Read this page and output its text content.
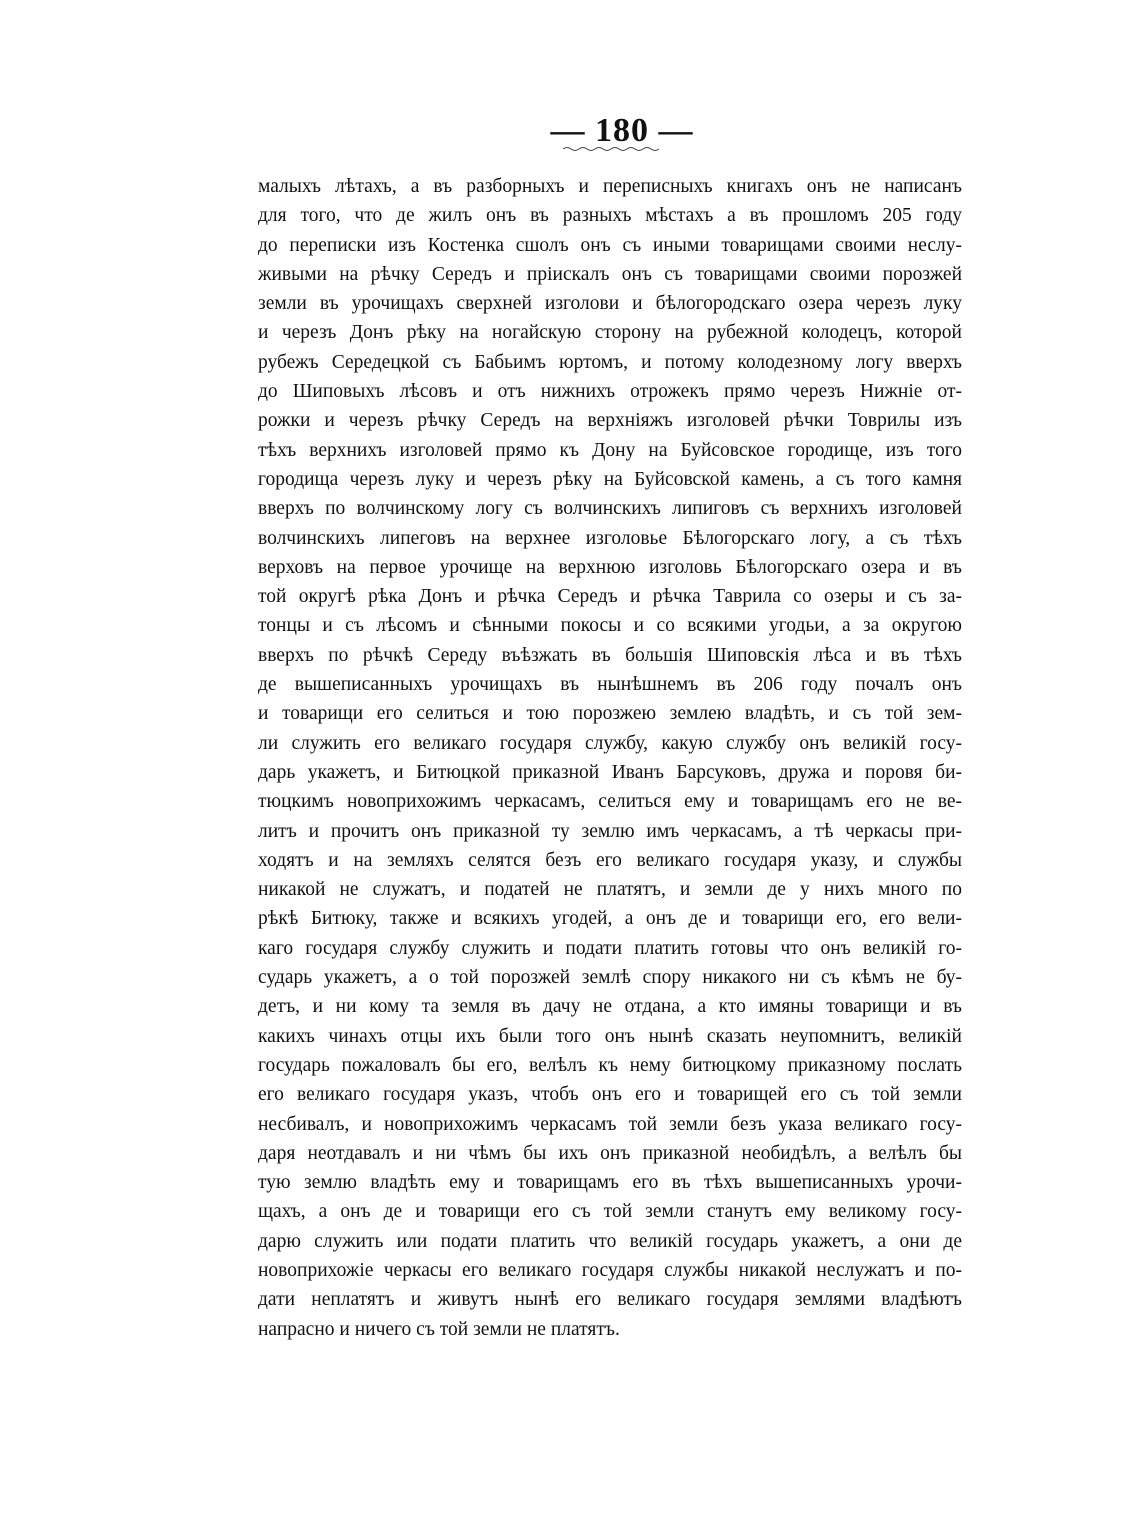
— 180 —
малыхъ лѣтахъ, а въ разборныхъ и переписныхъ книгахъ онъ не написанъ
для того, что де жилъ онъ въ разныхъ мѣстахъ а въ прошломъ 205 году
до переписки изъ Костенка сшолъ онъ съ иными товарищами своими неслу-
живыми на рѣчку Середъ и прiискалъ онъ съ товарищами своими порозжей
земли въ урочищахъ сверхней изголови и бѣлогородскаго озера черезъ луку
и черезъ Донъ рѣку на ногайскую сторону на рубежной колодецъ, которой
рубежъ Середецкой съ Бабьимъ юртомъ, и потому колодезному логу вверхъ
до Шиповыхъ лѣсовъ и отъ нижнихъ отрожекъ прямо черезъ Нижнiе от-
рожки и черезъ рѣчку Середъ на верхнiяжъ изголовей рѣчки Товрилы изъ
тѣхъ верхнихъ изголовей прямо къ Дону на Буйсовское городище, изъ того
городища черезъ луку и черезъ рѣку на Буйсовской камень, а съ того камня
вверхъ по волчинскому логу съ волчинскихъ липиговъ съ верхнихъ изголовей
волчинскихъ липеговъ на верхнее изголовье Бѣлогорскаго логу, а съ тѣхъ
верховъ на первое урочище на верхнюю изголовь Бѣлогорскаго озера и въ
той округѣ рѣка Донъ и рѣчка Середъ и рѣчка Таврила со озеры и съ за-
тонцы и съ лѣсомъ и сѣнными покосы и со всякими угодьи, а за округою
вверхъ по рѣчкѣ Середу въѣзжать въ большiя Шиповскiя лѣса и въ тѣхъ
де вышеписанныхъ урочищахъ въ нынѣшнемъ въ 206 году почалъ онъ
и товарищи его селиться и тою порозжею землею владѣть, и съ той зем-
ли служить его великаго государя службу, какую службу онъ великiй госу-
дарь укажетъ, и Битюцкой приказной Иванъ Барсуковъ, дружа и поровя би-
тюцкимъ новоприхожимъ черкасамъ, селиться ему и товарищамъ его не ве-
литъ и прочитъ онъ приказной ту землю имъ черкасамъ, а тѣ черкасы при-
ходятъ и на земляхъ селятся безъ его великаго государя указу, и службы
никакой не служатъ, и податей не платятъ, и земли де у нихъ много по
рѣкѣ Битюку, также и всякихъ угодей, а онъ де и товарищи его, его вели-
каго государя службу служить и подати платить готовы что онъ великiй го-
сударь укажетъ, а о той порозжей землѣ спору никакого ни съ кѣмъ не бу-
детъ, и ни кому та земля въ дачу не отдана, а кто имяны товарищи и въ
какихъ чинахъ отцы ихъ были того онъ нынѣ сказать неупомнитъ, великiй
государь пожаловалъ бы его, велѣлъ къ нему битюцкому приказному послать
его великаго государя указъ, чтобъ онъ его и товарищей его съ той земли
несбивалъ, и новоприхожимъ черкасамъ той земли безъ указа великаго госу-
даря неотдавалъ и ни чѣмъ бы ихъ онъ приказной необидѣлъ, а велѣлъ бы
тую землю владѣть ему и товарищамъ его въ тѣхъ вышеписанныхъ урочи-
щахъ, а онъ де и товарищи его съ той земли станутъ ему великому госу-
дарю служить или подати платить что великiй государь укажетъ, а они де
новоприхожiе черкасы его великаго государя службы никакой неслужатъ и по-
дати неплатятъ и живутъ нынѣ его великаго государя землями владѣютъ
напрасно и ничего съ той земли не платятъ.
